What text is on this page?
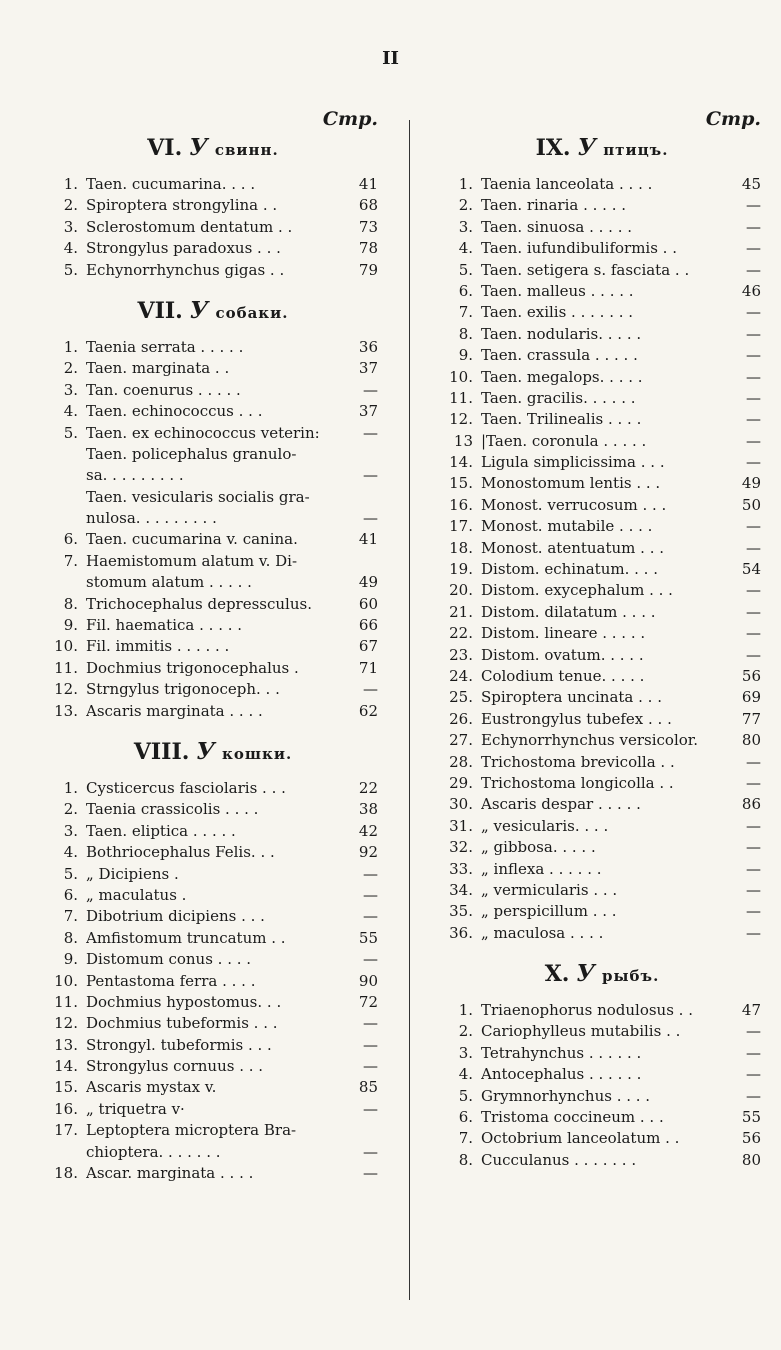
II
Стр.
VI. У свинн.
1. Taen. cucumarina. . . .	41
2. Spiroptera strongylina . .	68
3. Sclerostomum dentatum . .	73
4. Strongylus paradoxus . . .	78
5. Echynorrhynchus gigas . .	79
VII. У собаки.
1. Taenia serrata . . . . .	36
2. Taen. marginata . .	37
3. Tan. coenurus . . . . .	—
4. Taen. echinococcus . . .	37
5. Taen. ex echinococcus veterin:	—
Taen. policephalus granulo-
sa. . . . . . . . .	—
Taen. vesicularis socialis gra-
nulosa. . . . . . . . .	—
6. Taen. cucumarina v. canina.	41
7. Haemistomum alatum v. Di-
stomum alatum . . . . .	49
8. Trichocephalus depressculus.	60
9. Fil. haematica . . . . .	66
10. Fil. immitis . . . . . .	67
11. Dochmius trigonocephalus .	71
12. Strngylus trigonoceph. . .	—
13. Ascaris marginata . . . .	62
VIII. У кошки.
1. Cysticercus fasciolaris . . .	22
2. Taenia crassicolis . . . .	38
3. Taen. eliptica . . . . .	42
4. Bothriocephalus Felis. . .	92
5. „ Dicipiens .	—
6. „ maculatus .	—
7. Dibotrium dicipiens . . .	—
8. Amfistomum truncatum . .	55
9. Distomum conus . . . .	—
10. Pentastoma ferra . . . .	90
11. Dochmius hypostomus. . .	72
12. Dochmius tubeformis . . .	—
13. Strongyl. tubeformis . . .	—
14. Strongylus cornuus . . .	—
15. Ascaris mystax v.	85
16. „ triquetra v·	—
17. Leptoptera microptera Bra-
chioptera. . . . . . .	—
18. Ascar. marginata . . . .	—
Стр.
IX. У птицъ.
1. Taenia lanceolata . . . .	45
2. Taen. rinaria . . . . .	—
3. Taen. sinuosa . . . . .	—
4. Taen. iufundibuliformis . .	—
5. Taen. setigera s. fasciata . .	—
6. Taen. malleus . . . . .	46
7. Taen. exilis . . . . . . .	—
8. Taen. nodularis. . . . .	—
9. Taen. crassula . . . . .	—
10. Taen. megalops. . . . .	—
11. Taen. gracilis. . . . . .	—
12. Taen. Trilinealis . . . .	—
13 |Taen. coronula . . . . .	—
14. Ligula simplicissima . . .	—
15. Monostomum lentis . . .	49
16. Monost. verrucosum . . .	50
17. Monost. mutabile . . . .	—
18. Monost. atentuatum . . .	—
19. Distom. echinatum. . . .	54
20. Distom. exycephalum . . .	—
21. Distom. dilatatum . . . .	—
22. Distom. lineare . . . . .	—
23. Distom. ovatum. . . . .	—
24. Colodium tenue. . . . .	56
25. Spiroptera uncinata . . .	69
26. Eustrongylus tubefex . . .	77
27. Echynorrhynchus versicolor.	80
28. Trichostoma brevicolla . .	—
29. Trichostoma longicolla . .	—
30. Ascaris despar . . . . .	86
31. „ vesicularis. . . .	—
32. „ gibbosa. . . . .	—
33. „ inflexa . . . . . .	—
34. „ vermicularis . . .	—
35. „ perspicillum . . .	—
36. „ maculosa . . . .	—
X. У рыбъ.
1. Triaenophorus nodulosus . .	47
2. Cariophylleus mutabilis . .	—
3. Tetrahynchus . . . . . .	—
4. Antocephalus . . . . . .	—
5. Grymnorhynchus . . . .	—
6. Tristoma coccineum . . .	55
7. Octobrium lanceolatum . .	56
8. Cucculanus . . . . . . .	80
